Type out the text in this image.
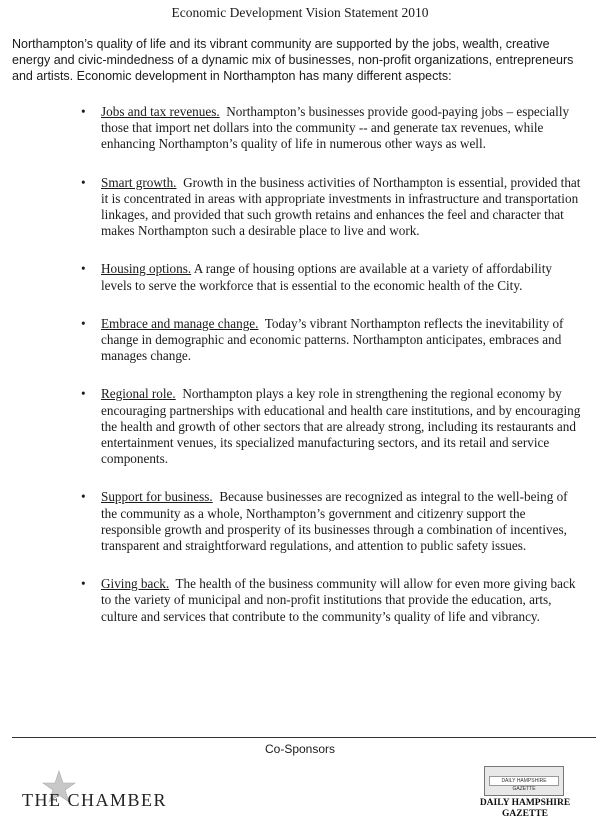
Economic Development Vision Statement 2010
Northampton’s quality of life and its vibrant community are supported by the jobs, wealth, creative energy and civic-mindedness of a dynamic mix of businesses, non-profit organizations, entrepreneurs and artists. Economic development in Northampton has many different aspects:
• Jobs and tax revenues. Northampton’s businesses provide good-paying jobs – especially those that import net dollars into the community -- and generate tax revenues, while enhancing Northampton’s quality of life in numerous other ways as well.
• Smart growth. Growth in the business activities of Northampton is essential, provided that it is concentrated in areas with appropriate investments in infrastructure and transportation linkages, and provided that such growth retains and enhances the feel and character that makes Northampton such a desirable place to live and work.
• Housing options. A range of housing options are available at a variety of affordability levels to serve the workforce that is essential to the economic health of the City.
• Embrace and manage change. Today’s vibrant Northampton reflects the inevitability of change in demographic and economic patterns. Northampton anticipates, embraces and manages change.
• Regional role. Northampton plays a key role in strengthening the regional economy by encouraging partnerships with educational and health care institutions, and by encouraging the health and growth of other sectors that are already strong, including its restaurants and entertainment venues, its specialized manufacturing sectors, and its retail and service components.
• Support for business. Because businesses are recognized as integral to the well-being of the community as a whole, Northampton’s government and citizenry support the responsible growth and prosperity of its businesses through a combination of incentives, transparent and straightforward regulations, and attention to public safety issues.
• Giving back. The health of the business community will allow for even more giving back to the variety of municipal and non-profit institutions that provide the education, arts, culture and services that contribute to the community’s quality of life and vibrancy.
Co-Sponsors
THE CHAMBER
DAILY HAMPSHIRE GAZETTE
DAILY HAMPSHIRE
GAZETTE
